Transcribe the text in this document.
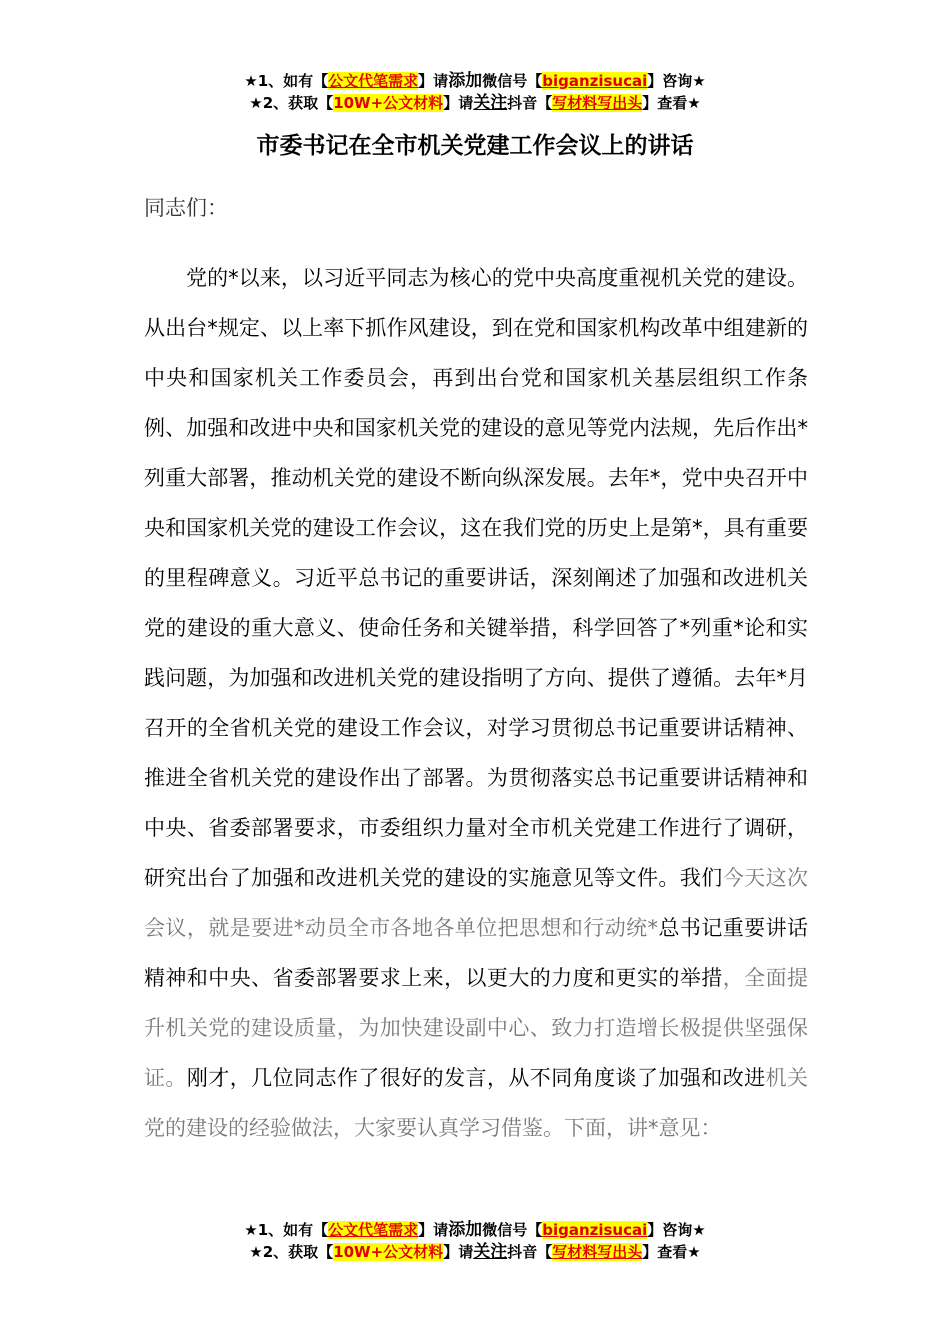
★1、如有【公文代笔需求】请添加微信号【biganzisucai】咨询★
★2、获取【10W+公文材料】请关注抖音【写材料写出头】查看★
市委书记在全市机关党建工作会议上的讲话
同志们：
党的*以来，以习近平同志为核心的党中央高度重视机关党的建设。从出台*规定、以上率下抓作风建设，到在党和国家机构改革中组建新的中央和国家机关工作委员会，再到出台党和国家机关基层组织工作条例、加强和改进中央和国家机关党的建设的意见等党内法规，先后作出*列重大部署，推动机关党的建设不断向纵深发展。去年*，党中央召开中央和国家机关党的建设工作会议，这在我们党的历史上是第*，具有重要的里程碑意义。习近平总书记的重要讲话，深刻阐述了加强和改进机关党的建设的重大意义、使命任务和关键举措，科学回答了*列重*论和实践问题，为加强和改进机关党的建设指明了方向、提供了遵循。去年*月召开的全省机关党的建设工作会议，对学习贯彻总书记重要讲话精神、推进全省机关党的建设作出了部署。为贯彻落实总书记重要讲话精神和中央、省委部署要求，市委组织力量对全市机关党建工作进行了调研，研究出台了加强和改进机关党的建设的实施意见等文件。我们今天这次会议，就是要进*动员全市各地各单位把思想和行动统*总书记重要讲话精神和中央、省委部署要求上来，以更大的力度和更实的举措，全面提升机关党的建设质量，为加快建设副中心、致力打造增长极提供坚强保证。刚才，几位同志作了很好的发言，从不同角度谈了加强和改进机关党的建设的经验做法，大家要认真学习借鉴。下面，讲*意见：
★1、如有【公文代笔需求】请添加微信号【biganzisucai】咨询★
★2、获取【10W+公文材料】请关注抖音【写材料写出头】查看★
